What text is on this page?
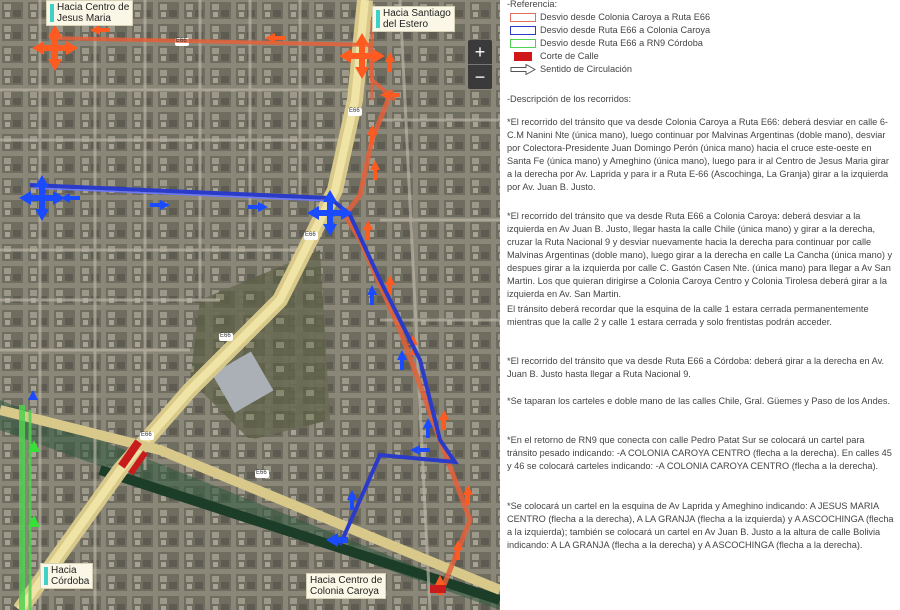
Hacia Centro de
Jesus Maria	Hacia Santiago
del Estero
Hacia
Córdoba	Hacia Centro de
Colonia Caroya
E66
E66
E66
E66
E66
E66
+
−
-Referencia:
Desvio desde Colonia Caroya a Ruta E66
Desvio desde Ruta E66 a Colonia Caroya
Desvio desde Ruta E66 a RN9 Córdoba
Corte de Calle
Sentido de Circulación
-Descripción de los recorridos:
*El recorrido del tránsito que va desde Colonia Caroya a Ruta E66: deberá desviar en calle 6-C.M Nanini Nte (única mano), luego continuar por Malvinas Argentinas (doble mano), desviar por Colectora-Presidente Juan Domingo Perón (única mano) hacia el cruce este-oeste en Santa Fe (única mano) y Ameghino (única mano), luego para ir al Centro de Jesus Maria girar a la derecha por Av. Laprida y para ir a Ruta E-66 (Ascochinga, La Granja) girar a la izquierda por Av. Juan B. Justo.
*El recorrido del tránsito que va desde Ruta E66 a Colonia Caroya: deberá desviar a la izquierda en Av Juan B. Justo, llegar hasta la calle Chile (única mano) y girar a la derecha, cruzar la Ruta Nacional 9 y desviar nuevamente hacia la derecha para continuar por calle Malvinas Argentinas (doble mano), luego girar a la derecha en calle La Cancha (única mano) y despues girar a la izquierda por calle C. Gastón Casen Nte. (única mano) para llegar a Av San Martin. Los que quieran dirigirse a Colonia Caroya Centro y Colonia Tirolesa deberá girar a la izquierda en Av. San Martin.
El tránsito deberá recordar que la esquina de la calle 1 estara cerrada permanentemente mientras que la calle 2 y calle 1 estara cerrada y solo frentistas podrán acceder.
*El recorrido del tránsito que va desde Ruta E66 a Córdoba: deberá girar a la derecha en Av. Juan B. Justo hasta llegar a Ruta Nacional 9.
*Se taparan los carteles e doble mano de las calles Chile, Gral. Güemes y Paso de los Andes.
*En el retorno de RN9 que conecta con calle Pedro Patat Sur se colocará un cartel para tránsito pesado indicando: -A COLONIA CAROYA CENTRO (flecha a la derecha). En calles 45 y 46 se colocará carteles indicando: -A COLONIA CAROYA CENTRO (flecha a la derecha).
*Se colocará un cartel en la esquina de Av Laprida y Ameghino indicando: A JESUS MARIA CENTRO (flecha a la derecha), A LA GRANJA (flecha a la izquierda) y A ASCOCHINGA (flecha a la izquierda); también se colocará un cartel en Av Juan B. Justo a la altura de calle Bolivia indicando: A LA GRANJA (flecha a la derecha) y A ASCOCHINGA (flecha a la derecha).
